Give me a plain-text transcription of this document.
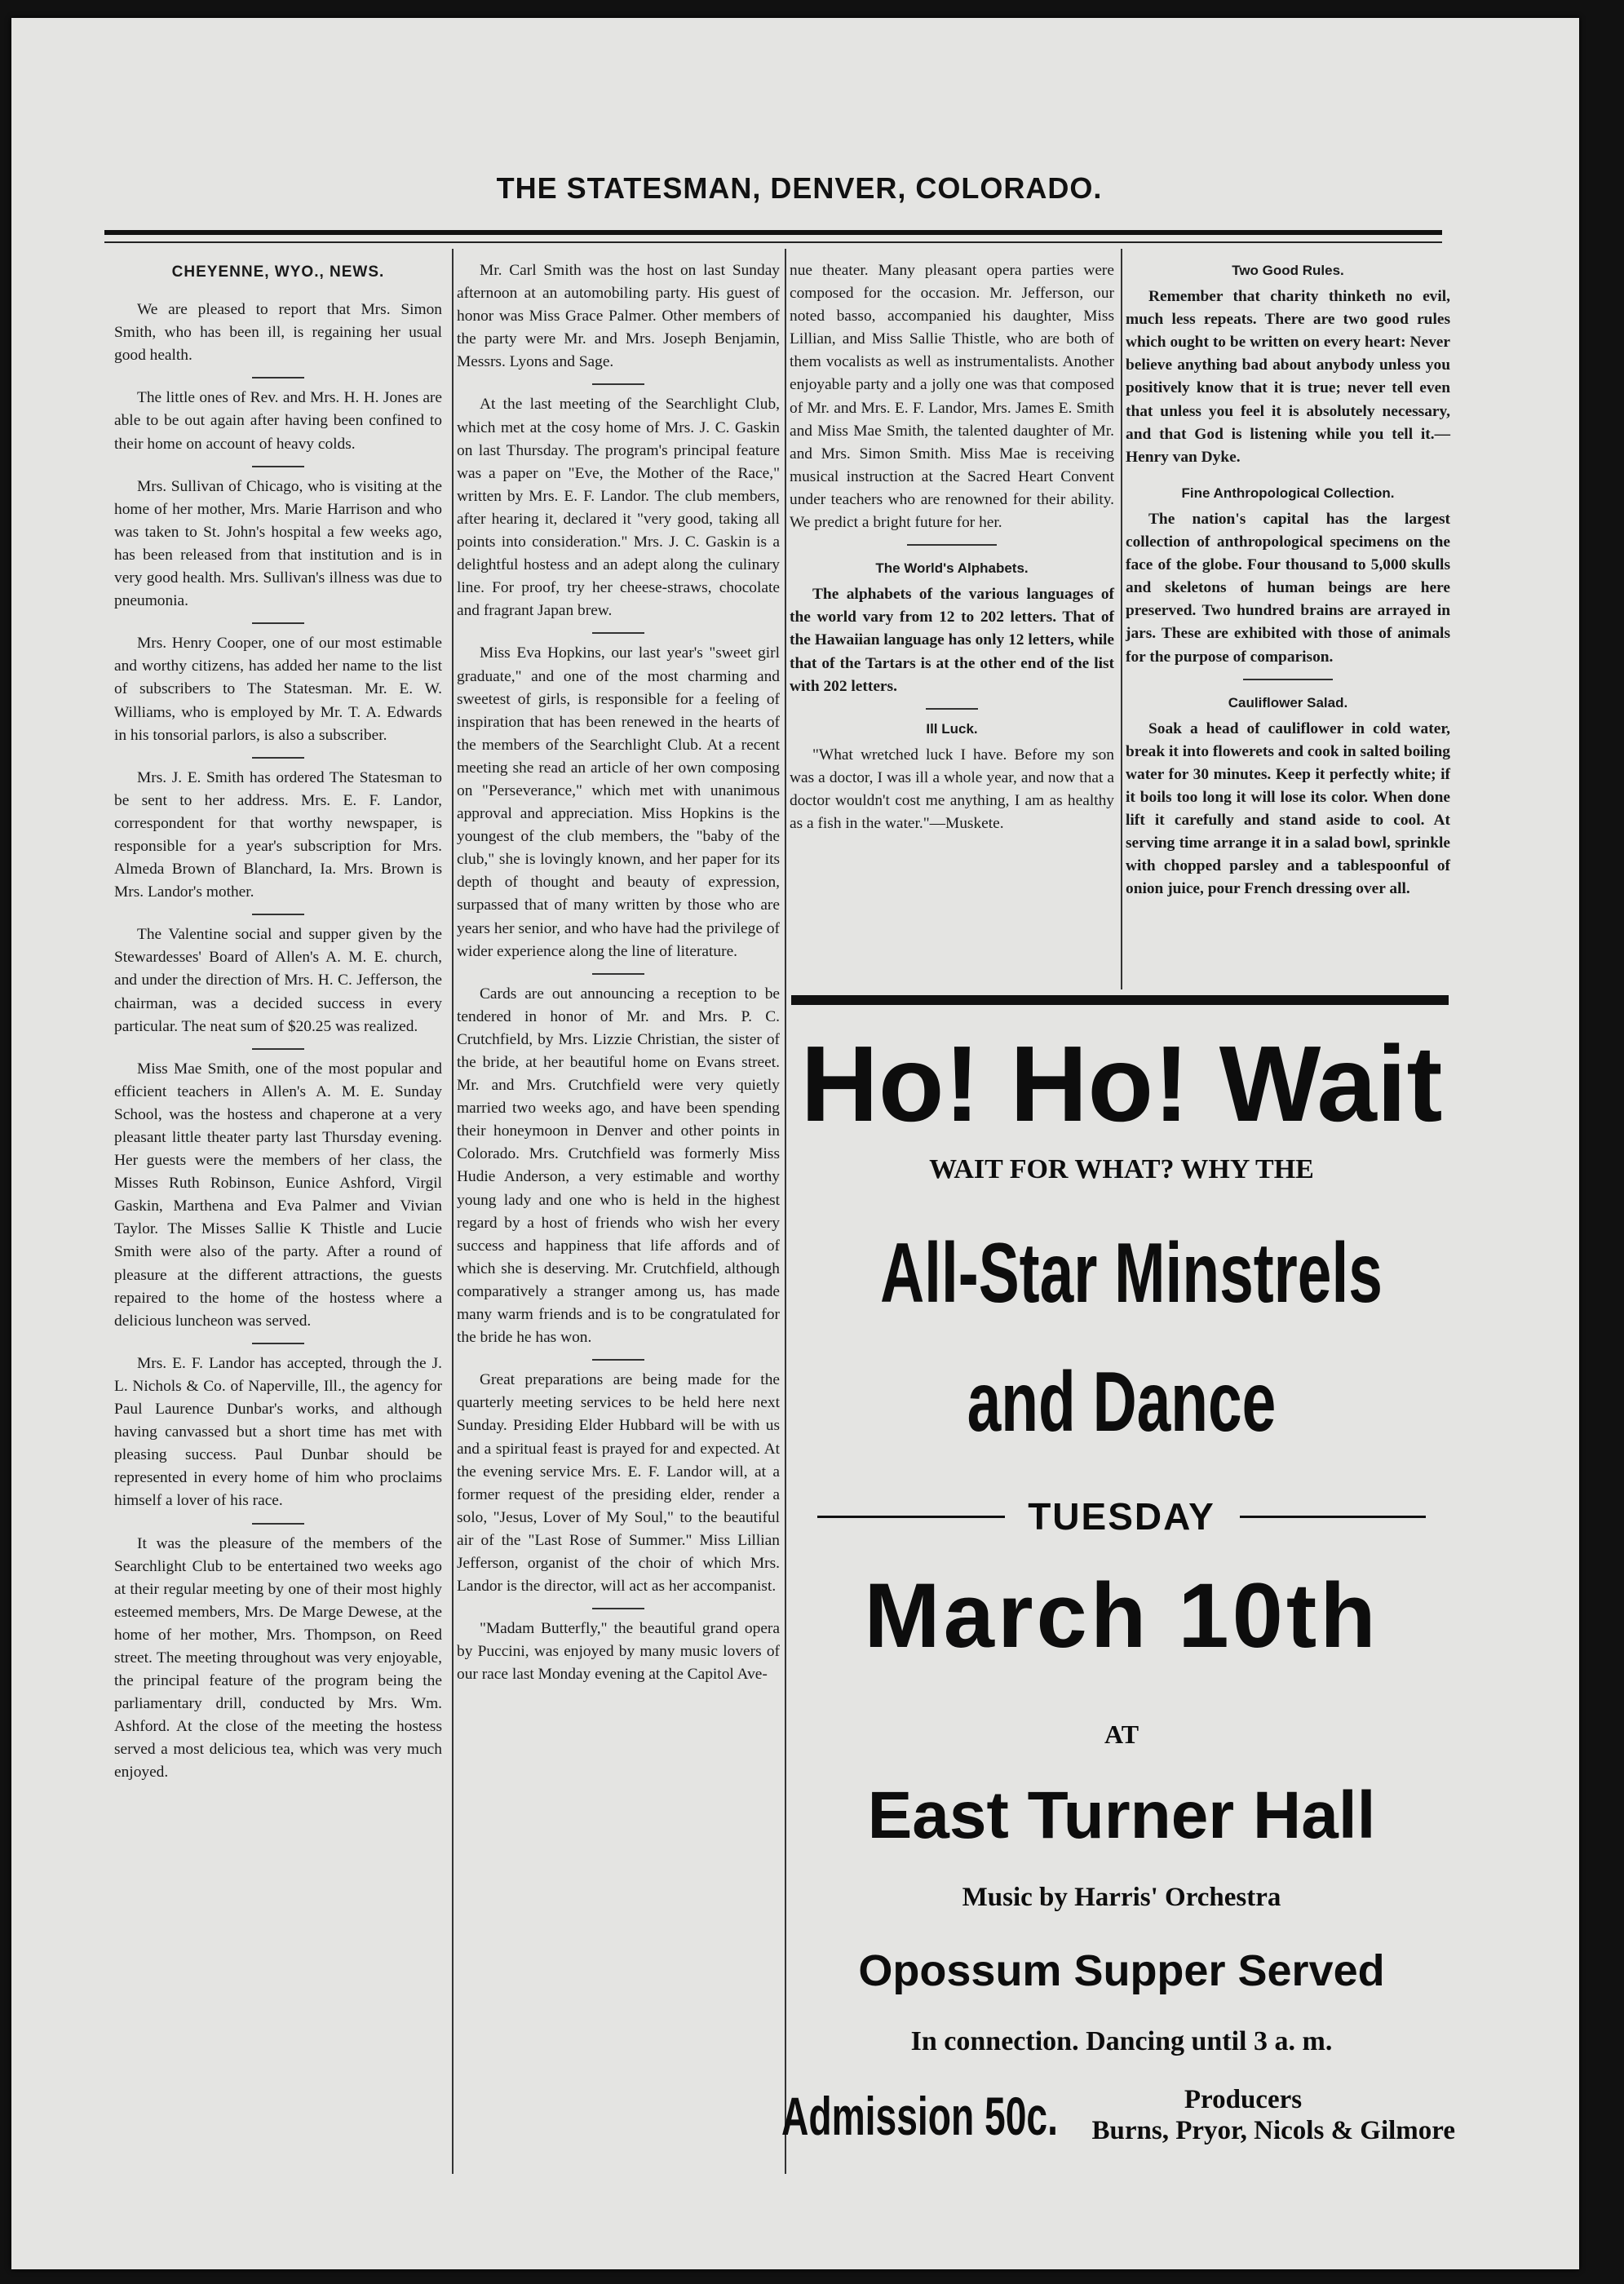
THE STATESMAN, DENVER, COLORADO.
CHEYENNE, WYO., NEWS.

We are pleased to report that Mrs. Simon Smith, who has been ill, is regaining her usual good health.

The little ones of Rev. and Mrs. H. H. Jones are able to be out again after having been confined to their home on account of heavy colds.

Mrs. Sullivan of Chicago, who is visiting at the home of her mother, Mrs. Marie Harrison and who was taken to St. John's hospital a few weeks ago, has been released from that institution and is in very good health. Mrs. Sullivan's illness was due to pneumonia.

Mrs. Henry Cooper, one of our most estimable and worthy citizens, has added her name to the list of subscribers to The Statesman. Mr. E. W. Williams, who is employed by Mr. T. A. Edwards in his tonsorial parlors, is also a subscriber.

Mrs. J. E. Smith has ordered The Statesman to be sent to her address. Mrs. E. F. Landor, correspondent for that worthy newspaper, is responsible for a year's subscription for Mrs. Almeda Brown of Blanchard, Ia. Mrs. Brown is Mrs. Landor's mother.

The Valentine social and supper given by the Stewardesses' Board of Allen's A. M. E. church, and under the direction of Mrs. H. C. Jefferson, the chairman, was a decided success in every particular. The neat sum of $20.25 was realized.

Miss Mae Smith, one of the most popular and efficient teachers in Allen's A. M. E. Sunday School, was the hostess and chaperone at a very pleasant little theater party last Thursday evening. Her guests were the members of her class, the Misses Ruth Robinson, Eunice Ashford, Virgil Gaskin, Marthena and Eva Palmer and Vivian Taylor. The Misses Sallie K Thistle and Lucie Smith were also of the party. After a round of pleasure at the different attractions, the guests repaired to the home of the hostess where a delicious luncheon was served.

Mrs. E. F. Landor has accepted, through the J. L. Nichols & Co. of Naperville, Ill., the agency for Paul Laurence Dunbar's works, and although having canvassed but a short time has met with pleasing success. Paul Dunbar should be represented in every home of him who proclaims himself a lover of his race.

It was the pleasure of the members of the Searchlight Club to be entertained two weeks ago at their regular meeting by one of their most highly esteemed members, Mrs. De Marge Dewese, at the home of her mother, Mrs. Thompson, on Reed street. The meeting throughout was very enjoyable, the principal feature of the program being the parliamentary drill, conducted by Mrs. Wm. Ashford. At the close of the meeting the hostess served a most delicious tea, which was very much enjoyed.

Mr. Carl Smith was the host on last Sunday afternoon at an automobiling party. His guest of honor was Miss Grace Palmer. Other members of the party were Mr. and Mrs. Joseph Benjamin, Messrs. Lyons and Sage.

At the last meeting of the Searchlight Club, which met at the cosy home of Mrs. J. C. Gaskin on last Thursday. The program's principal feature was a paper on "Eve, the Mother of the Race," written by Mrs. E. F. Landor. The club members, after hearing it, declared it "very good, taking all points into consideration." Mrs. J. C. Gaskin is a delightful hostess and an adept along the culinary line. For proof, try her cheese-straws, chocolate and fragrant Japan brew.

Miss Eva Hopkins, our last year's "sweet girl graduate," and one of the most charming and sweetest of girls, is responsible for a feeling of inspiration that has been renewed in the hearts of the members of the Searchlight Club. At a recent meeting she read an article of her own composing on "Perseverance," which met with unanimous approval and appreciation. Miss Hopkins is the youngest of the club members, the "baby of the club," she is lovingly known, and her paper for its depth of thought and beauty of expression, surpassed that of many written by those who are years her senior, and who have had the privilege of wider experience along the line of literature.

Cards are out announcing a reception to be tendered in honor of Mr. and Mrs. P. C. Crutchfield, by Mrs. Lizzie Christian, the sister of the bride, at her beautiful home on Evans street. Mr. and Mrs. Crutchfield were very quietly married two weeks ago, and have been spending their honeymoon in Denver and other points in Colorado. Mrs. Crutchfield was formerly Miss Hudie Anderson, a very estimable and worthy young lady and one who is held in the highest regard by a host of friends who wish her every success and happiness that life affords and of which she is deserving. Mr. Crutchfield, although comparatively a stranger among us, has made many warm friends and is to be congratulated for the bride he has won.

Great preparations are being made for the quarterly meeting services to be held here next Sunday. Presiding Elder Hubbard will be with us and a spiritual feast is prayed for and expected. At the evening service Mrs. E. F. Landor will, at a former request of the presiding elder, render a solo, "Jesus, Lover of My Soul," to the beautiful air of the "Last Rose of Summer." Miss Lillian Jefferson, organist of the choir of which Mrs. Landor is the director, will act as her accompanist.

"Madam Butterfly," the beautiful grand opera by Puccini, was enjoyed by many music lovers of our race last Monday evening at the Capitol Ave-

nue theater. Many pleasant opera parties were composed for the occasion. Mr. Jefferson, our noted basso, accompanied his daughter, Miss Lillian, and Miss Sallie Thistle, who are both of them vocalists as well as instrumentalists. Another enjoyable party and a jolly one was that composed of Mr. and Mrs. E. F. Landor, Mrs. James E. Smith and Miss Mae Smith, the talented daughter of Mr. and Mrs. Simon Smith. Miss Mae is receiving musical instruction at the Sacred Heart Convent under teachers who are renowned for their ability. We predict a bright future for her.

The World's Alphabets.

The alphabets of the various languages of the world vary from 12 to 202 letters. That of the Hawaiian language has only 12 letters, while that of the Tartars is at the other end of the list with 202 letters.

Ill Luck.

"What wretched luck I have. Before my son was a doctor, I was ill a whole year, and now that a doctor wouldn't cost me anything, I am as healthy as a fish in the water."—Muskete.

Two Good Rules.

Remember that charity thinketh no evil, much less repeats. There are two good rules which ought to be written on every heart: Never believe anything bad about anybody unless you positively know that it is true; never tell even that unless you feel it is absolutely necessary, and that God is listening while you tell it.—Henry van Dyke.

Fine Anthropological Collection.

The nation's capital has the largest collection of anthropological specimens on the face of the globe. Four thousand to 5,000 skulls and skeletons of human beings are here preserved. Two hundred brains are arrayed in jars. These are exhibited with those of animals for the purpose of comparison.

Cauliflower Salad.

Soak a head of cauliflower in cold water, break it into flowerets and cook in salted boiling water for 30 minutes. Keep it perfectly white; if it boils too long it will lose its color. When done lift it carefully and stand aside to cool. At serving time arrange it in a salad bowl, sprinkle with chopped parsley and a tablespoonful of onion juice, pour French dressing over all.

Ho! Ho! Wait
WAIT FOR WHAT? WHY THE
All-Star Minstrels
and Dance
TUESDAY
March 10th
AT
East Turner Hall
Music by Harris' Orchestra
Opossum Supper Served
In connection. Dancing until 3 a. m.
Admission 50c.	Producers
Burns, Pryor, Nicols & Gilmore
